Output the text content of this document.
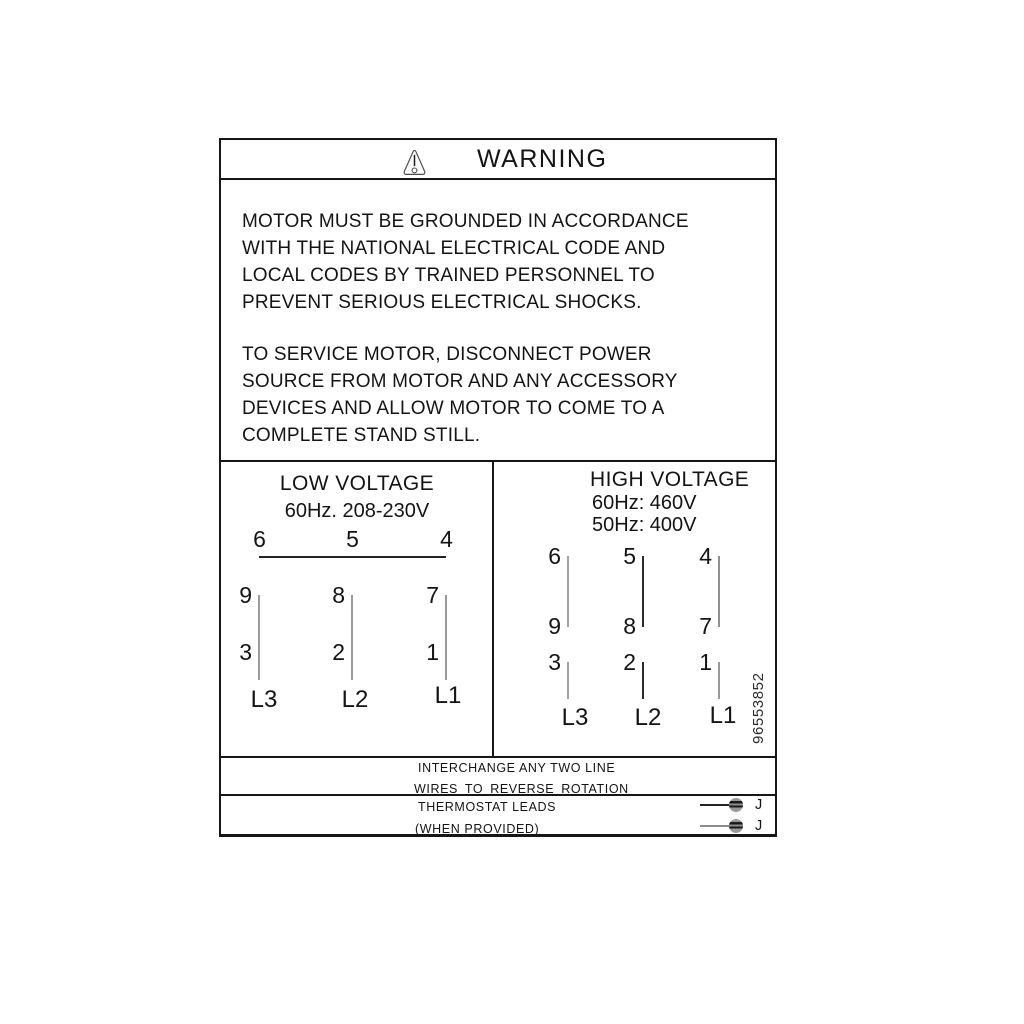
WARNING
MOTOR MUST BE GROUNDED IN ACCORDANCE
WITH THE NATIONAL ELECTRICAL CODE AND
LOCAL CODES BY TRAINED PERSONNEL TO
PREVENT SERIOUS ELECTRICAL SHOCKS.
TO SERVICE MOTOR, DISCONNECT POWER
SOURCE FROM MOTOR AND ANY ACCESSORY
DEVICES AND ALLOW MOTOR TO COME TO A
COMPLETE STAND STILL.
LOW VOLTAGE
60Hz. 208-230V
6	5	4
9	8	7
3	2	1
L3	L2	L1
HIGH VOLTAGE
60Hz: 460V
50Hz: 400V
6	5	4
9	8	7
3	2	1
L3	L2	L1 96553852
INTERCHANGE ANY TWO LINE
WIRES TO REVERSE ROTATION
THERMOSTAT LEADS
(WHEN PROVIDED)
J
J
